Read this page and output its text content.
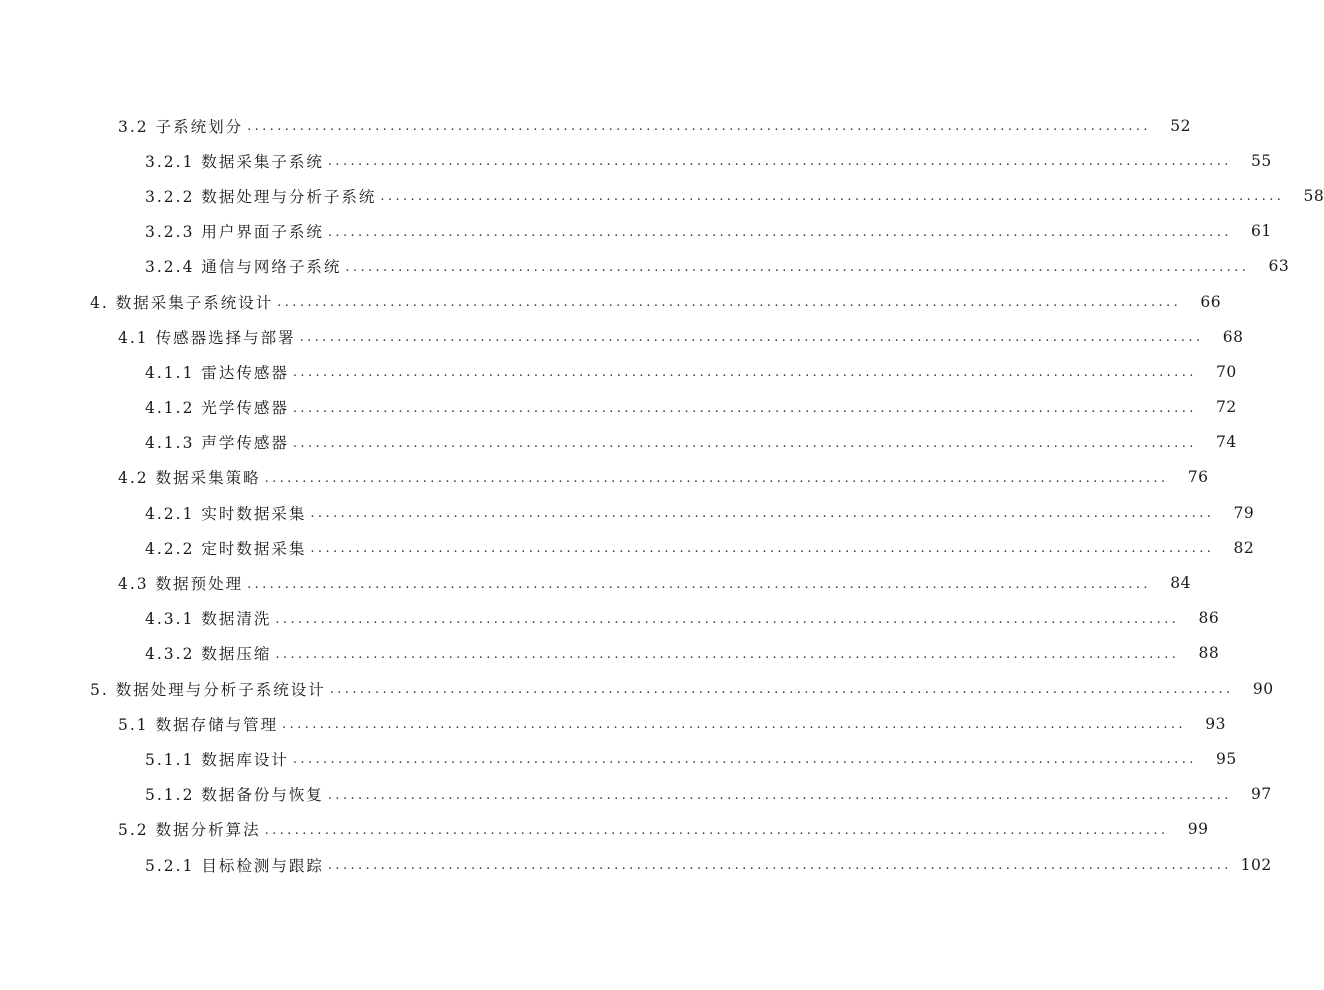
3.2 子系统划分 ........................................................................................................................	52
3.2.1 数据采集子系统 ........................................................................................................................	55
3.2.2 数据处理与分析子系统 ........................................................................................................................	58
3.2.3 用户界面子系统 ........................................................................................................................	61
3.2.4 通信与网络子系统 ........................................................................................................................	63
4. 数据采集子系统设计 ........................................................................................................................	66
4.1 传感器选择与部署 ........................................................................................................................	68
4.1.1 雷达传感器 ........................................................................................................................	70
4.1.2 光学传感器 ........................................................................................................................	72
4.1.3 声学传感器 ........................................................................................................................	74
4.2 数据采集策略 ........................................................................................................................	76
4.2.1 实时数据采集 ........................................................................................................................	79
4.2.2 定时数据采集 ........................................................................................................................	82
4.3 数据预处理 ........................................................................................................................	84
4.3.1 数据清洗 ........................................................................................................................	86
4.3.2 数据压缩 ........................................................................................................................	88
5. 数据处理与分析子系统设计 ........................................................................................................................	90
5.1 数据存储与管理 ........................................................................................................................	93
5.1.1 数据库设计 ........................................................................................................................	95
5.1.2 数据备份与恢复 ........................................................................................................................	97
5.2 数据分析算法 ........................................................................................................................	99
5.2.1 目标检测与跟踪 ........................................................................................................................ 102
